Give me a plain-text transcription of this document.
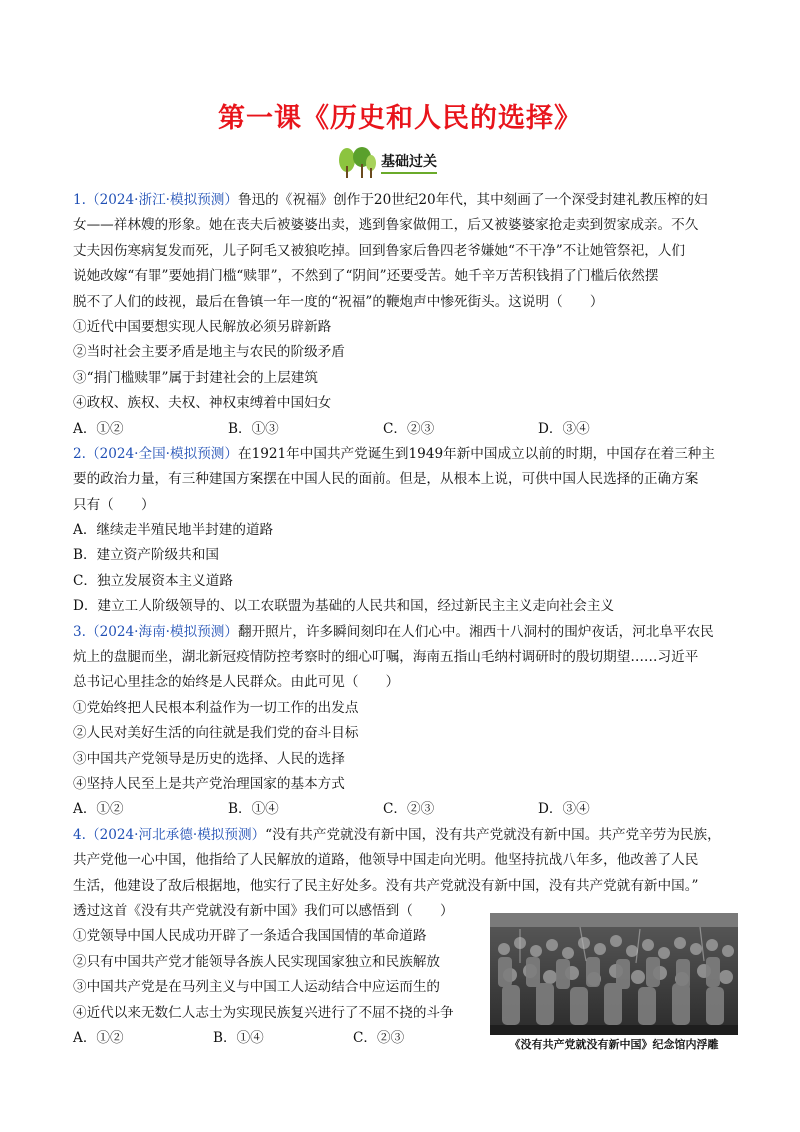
第一课《历史和人民的选择》
基础过关
1.（2024·浙江·模拟预测）鲁迅的《祝福》创作于20世纪20年代，其中刻画了一个深受封建礼教压榨的妇
女——祥林嫂的形象。她在丧夫后被婆婆出卖，逃到鲁家做佣工，后又被婆婆家抢走卖到贺家成亲。不久
丈夫因伤寒病复发而死，儿子阿毛又被狼吃掉。回到鲁家后鲁四老爷嫌她“不干净”不让她管祭祀，人们
说她改嫁“有罪”要她捐门槛“赎罪”，不然到了“阴间”还要受苦。她千辛万苦积钱捐了门槛后依然摆
脱不了人们的歧视，最后在鲁镇一年一度的“祝福”的鞭炮声中惨死街头。这说明（　　）
①近代中国要想实现人民解放必须另辟新路
②当时社会主要矛盾是地主与农民的阶级矛盾
③“捐门槛赎罪”属于封建社会的上层建筑
④政权、族权、夫权、神权束缚着中国妇女
A．①②	B．①③	C．②③	D．③④
2.（2024·全国·模拟预测）在1921年中国共产党诞生到1949年新中国成立以前的时期，中国存在着三种主
要的政治力量，有三种建国方案摆在中国人民的面前。但是，从根本上说，可供中国人民选择的正确方案
只有（　　）
A．继续走半殖民地半封建的道路
B．建立资产阶级共和国
C．独立发展资本主义道路
D．建立工人阶级领导的、以工农联盟为基础的人民共和国，经过新民主主义走向社会主义
3.（2024·海南·模拟预测）翻开照片，许多瞬间刻印在人们心中。湘西十八洞村的围炉夜话，河北阜平农民
炕上的盘腿而坐，湖北新冠疫情防控考察时的细心叮嘱，海南五指山毛纳村调研时的殷切期望……习近平
总书记心里挂念的始终是人民群众。由此可见（　　）
①党始终把人民根本利益作为一切工作的出发点
②人民对美好生活的向往就是我们党的奋斗目标
③中国共产党领导是历史的选择、人民的选择
④坚持人民至上是共产党治理国家的基本方式
A．①②	B．①④	C．②③	D．③④
4.（2024·河北承德·模拟预测）“没有共产党就没有新中国，没有共产党就没有新中国。共产党辛劳为民族，
共产党他一心中国，他指给了人民解放的道路，他领导中国走向光明。他坚持抗战八年多，他改善了人民
生活，他建设了敌后根据地，他实行了民主好处多。没有共产党就没有新中国，没有共产党就有新中国。”
透过这首《没有共产党就没有新中国》我们可以感悟到（　　）
①党领导中国人民成功开辟了一条适合我国国情的革命道路
②只有中国共产党才能领导各族人民实现国家独立和民族解放
③中国共产党是在马列主义与中国工人运动结合中应运而生的
④近代以来无数仁人志士为实现民族复兴进行了不屈不挠的斗争
A．①②	B．①④	C．②③	《没有共产党就没有新中国》纪念馆内浮雕
